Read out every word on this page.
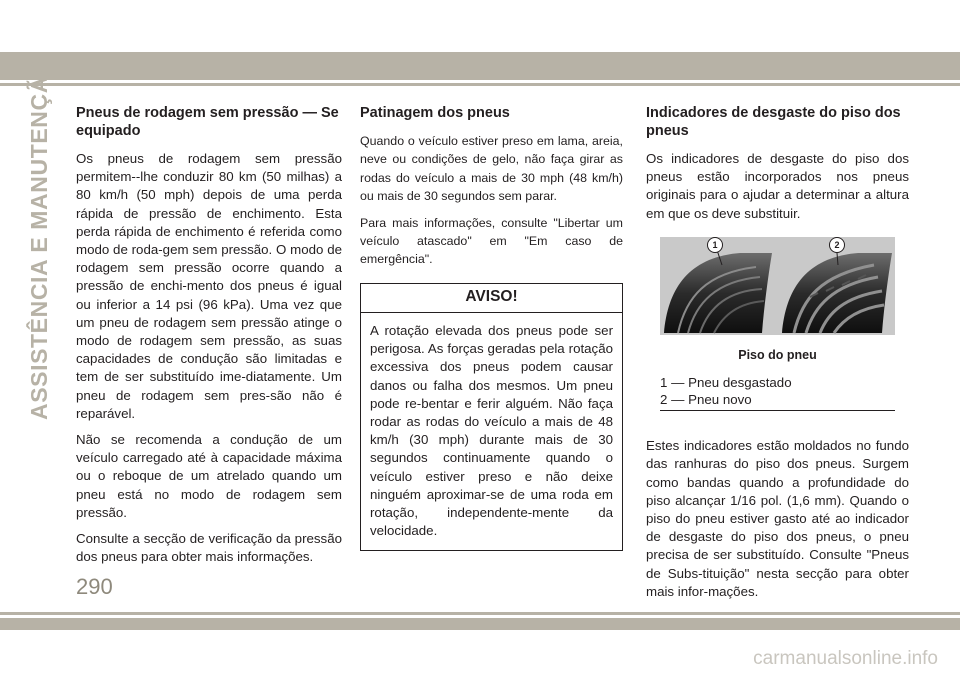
ASSISTÊNCIA E MANUTENÇÃO Pneus de rodagem sem pressão — Se equipado

Os pneus de rodagem sem pressão permitem--lhe conduzir 80 km (50 milhas) a 80 km/h (50 mph) depois de uma perda rápida de pressão de enchimento. Esta perda rápida de enchimento é referida como modo de roda-gem sem pressão. O modo de rodagem sem pressão ocorre quando a pressão de enchi-mento dos pneus é igual ou inferior a 14 psi (96 kPa). Uma vez que um pneu de rodagem sem pressão atinge o modo de rodagem sem pressão, as suas capacidades de condução são limitadas e tem de ser substituído ime-diatamente. Um pneu de rodagem sem pres-são não é reparável.

Não se recomenda a condução de um veículo carregado até à capacidade máxima ou o reboque de um atrelado quando um pneu está no modo de rodagem sem pressão.

Consulte a secção de verificação da pressão dos pneus para obter mais informações.

Patinagem dos pneus

Quando o veículo estiver preso em lama, areia, neve ou condições de gelo, não faça girar as rodas do veículo a mais de 30 mph (48 km/h) ou mais de 30 segundos sem parar.

Para mais informações, consulte "Libertar um veículo atascado" em "Em caso de emergência".

AVISO!

A rotação elevada dos pneus pode ser perigosa. As forças geradas pela rotação excessiva dos pneus podem causar danos ou falha dos mesmos. Um pneu pode re-bentar e ferir alguém. Não faça rodar as rodas do veículo a mais de 48 km/h (30 mph) durante mais de 30 segundos continuamente quando o veículo estiver preso e não deixe ninguém aproximar-se de uma roda em rotação, independente-mente da velocidade.

Indicadores de desgaste do piso dos pneus

Os indicadores de desgaste do piso dos pneus estão incorporados nos pneus originais para o ajudar a determinar a altura em que os deve substituir.

1	2
Piso do pneu
1 — Pneu desgastado
2 — Pneu novo

Estes indicadores estão moldados no fundo das ranhuras do piso dos pneus. Surgem como bandas quando a profundidade do piso alcançar 1/16 pol. (1,6 mm). Quando o piso do pneu estiver gasto até ao indicador de desgaste do piso dos pneus, o pneu precisa de ser substituído. Consulte "Pneus de Subs-tituição" nesta secção para obter mais infor-mações.

290
carmanualsonline.info
